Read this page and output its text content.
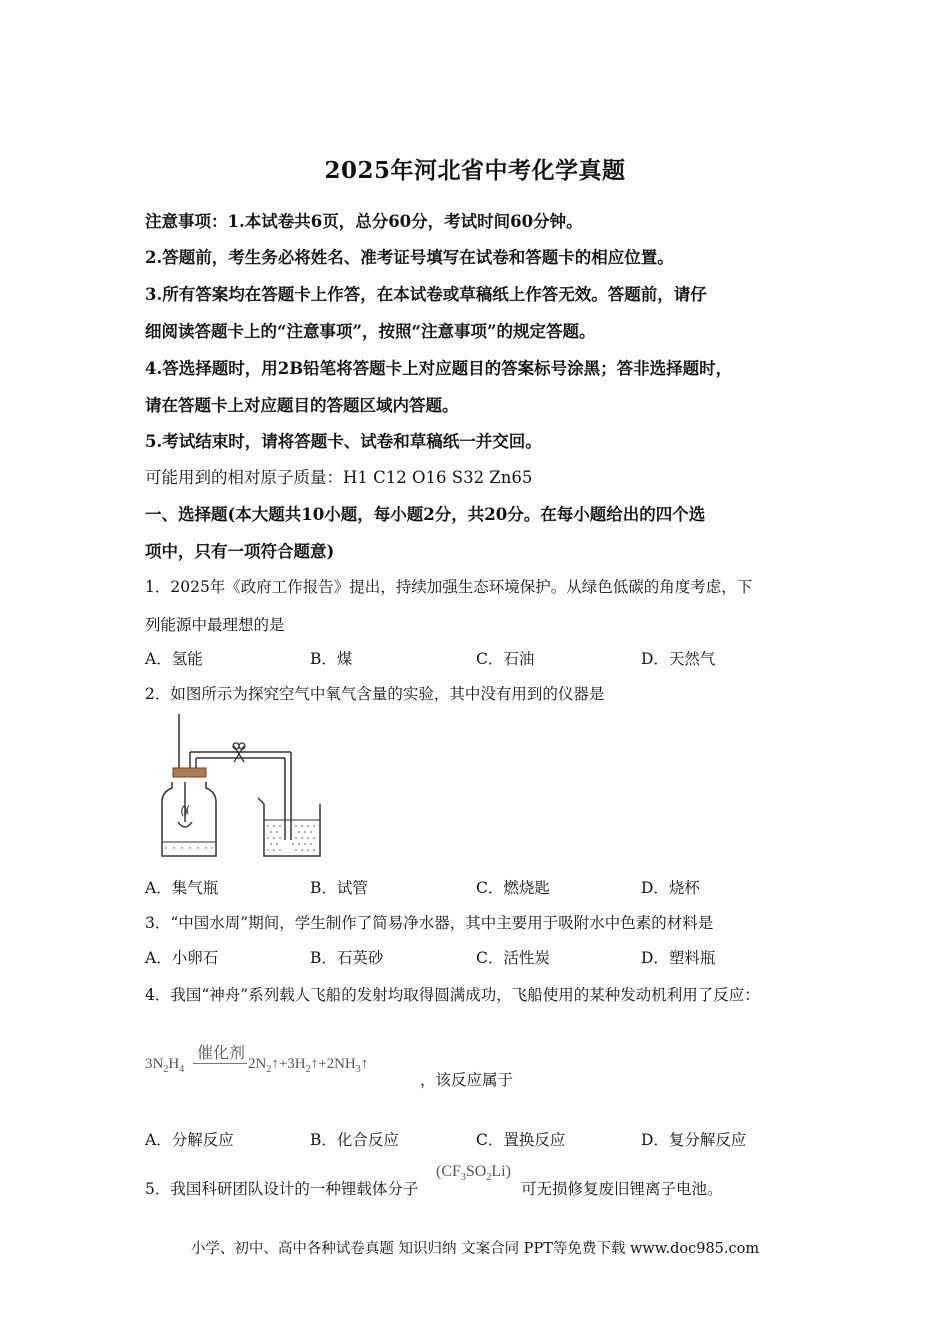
2025年河北省中考化学真题
注意事项：1.本试卷共6页，总分60分，考试时间60分钟。
2.答题前，考生务必将姓名、准考证号填写在试卷和答题卡的相应位置。
3.所有答案均在答题卡上作答，在本试卷或草稿纸上作答无效。答题前，请仔
细阅读答题卡上的“注意事项”，按照“注意事项”的规定答题。
4.答选择题时，用2B铅笔将答题卡上对应题目的答案标号涂黑；答非选择题时，
请在答题卡上对应题目的答题区域内答题。
5.考试结束时，请将答题卡、试卷和草稿纸一并交回。
可能用到的相对原子质量：H1 C12 O16 S32 Zn65
一、选择题(本大题共10小题，每小题2分，共20分。在每小题给出的四个选
项中，只有一项符合题意)
1．2025年《政府工作报告》提出，持续加强生态环境保护。从绿色低碳的角度考虑，下
列能源中最理想的是
A．氢能	B．煤	C．石油	D．天然气
2．如图所示为探究空气中氧气含量的实验，其中没有用到的仪器是
A．集气瓶	B．试管	C．燃烧匙	D．烧杯
3．“中国水周”期间，学生制作了简易净水器，其中主要用于吸附水中色素的材料是
A．小卵石	B．石英砂	C．活性炭	D．塑料瓶
4．我国“神舟”系列载人飞船的发射均取得圆满成功，飞船使用的某种发动机利用了反应：
$3N_2H_4$
催化剂
$2N_2↑+3H_2↑+2NH_3↑$
，该反应属于
A．分解反应	B．化合反应	C．置换反应	D．复分解反应
5．我国科研团队设计的一种锂载体分子
$(CF_3SO_2Li)$
可无损修复废旧锂离子电池。
小学、初中、高中各种试卷真题 知识归纳 文案合同 PPT等免费下载 www.doc985.com
